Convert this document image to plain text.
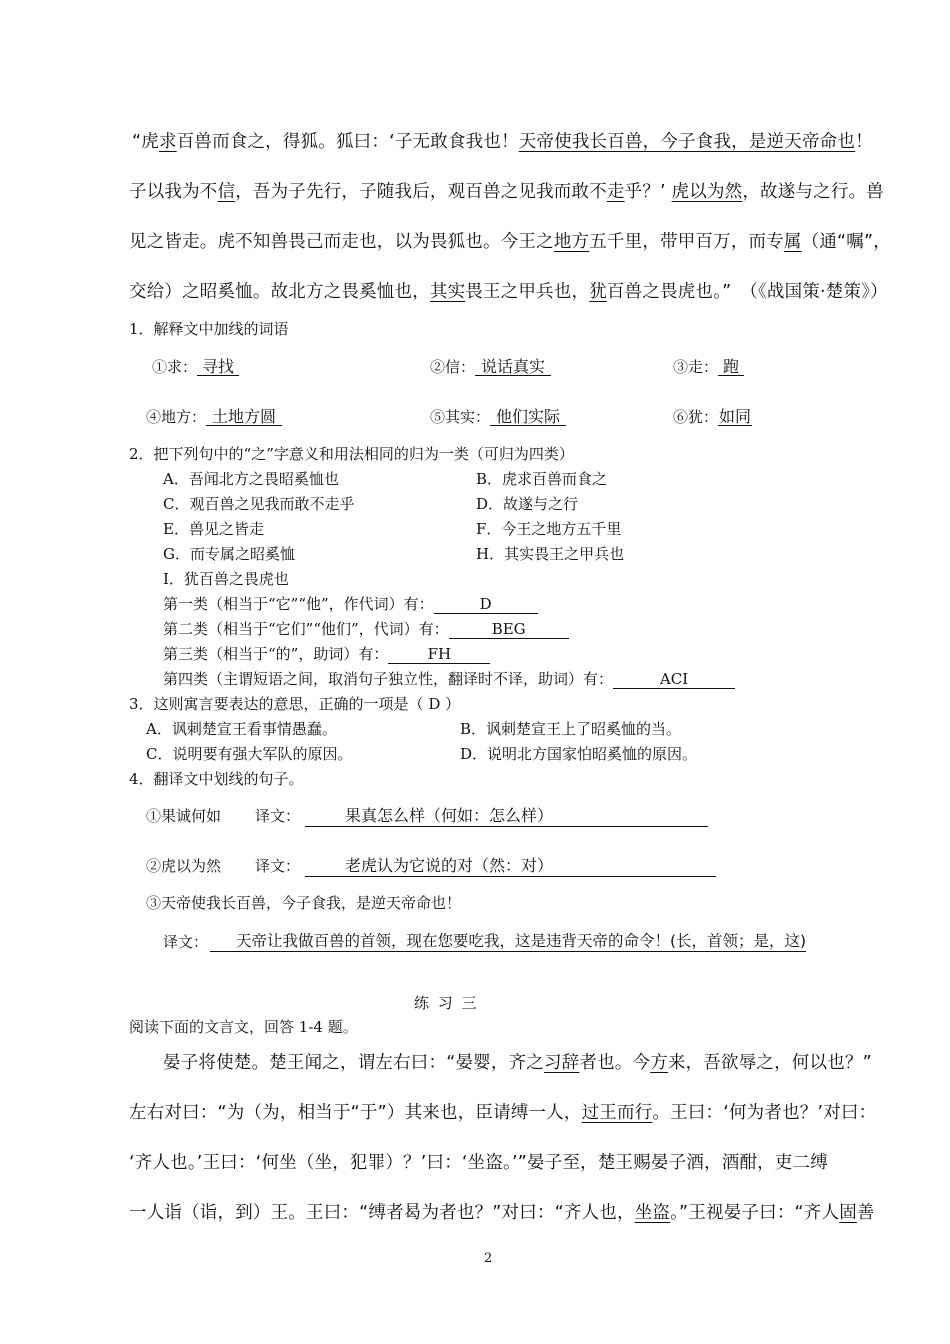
“虎求百兽而食之，得狐。狐曰：‘子无敢食我也！天帝使我长百兽，今子食我，是逆天帝命也！
子以我为不信，吾为子先行，子随我后，观百兽之见我而敢不走乎？’ 虎以为然，故遂与之行。兽
见之皆走。虎不知兽畏己而走也，以为畏狐也。今王之地方五千里，带甲百万，而专属（通“嘱”，
交给）之昭奚恤。故北方之畏奚恤也，其实畏王之甲兵也，犹百兽之畏虎也。”　（《战国策·楚策》）
1．解释文中加线的词语
①求： 寻找	②信： 说话真实	③走： 跑
④地方： 土地方圆	⑤其实： 他们实际	⑥犹：如同
2．把下列句中的“之”字意义和用法相同的归为一类（可归为四类）
A．吾闻北方之畏昭奚恤也	B．虎求百兽而食之
C．观百兽之见我而敢不走乎	D．故遂与之行
E．兽见之皆走	F．今王之地方五千里
G．而专属之昭奚恤	H．其实畏王之甲兵也
I．犹百兽之畏虎也
第一类（相当于“它”“他”，作代词）有：	D
第二类（相当于“它们”“他们”，代词）有：	BEG
第三类（相当于“的”，助词）有：	FH
第四类（主谓短语之间，取消句子独立性，翻译时不译，助词）有：	ACI
3．这则寓言要表达的意思，正确的一项是（ D ）
A．讽刺楚宣王看事情愚蠢。	B．讽刺楚宣王上了昭奚恤的当。
C．说明要有强大军队的原因。	D．说明北方国家怕昭奚恤的原因。
4．翻译文中划线的句子。
①果诚何如 译文：	果真怎么样（何如：怎么样）
②虎以为然 译文：	老虎认为它说的对（然：对）
③天帝使我长百兽，今子食我，是逆天帝命也！
译文：	天帝让我做百兽的首领，现在您要吃我，这是违背天帝的命令！(长，首领；是，这)
练 习 三
阅读下面的文言文，回答 1-4 题。
晏子将使楚。楚王闻之，谓左右曰：“晏婴，齐之习辞者也。今方来，吾欲辱之，何以也？”
左右对曰：“为（为，相当于“于”）其来也，臣请缚一人，过王而行。王曰：‘何为者也？’对曰：
‘齐人也。’王曰：‘何坐（坐，犯罪）？’曰：‘坐盗。’”晏子至，楚王赐晏子酒，酒酣，吏二缚
一人诣（诣，到）王。王曰：“缚者曷为者也？”对曰：“齐人也，坐盗。”王视晏子曰：“齐人固善
2
